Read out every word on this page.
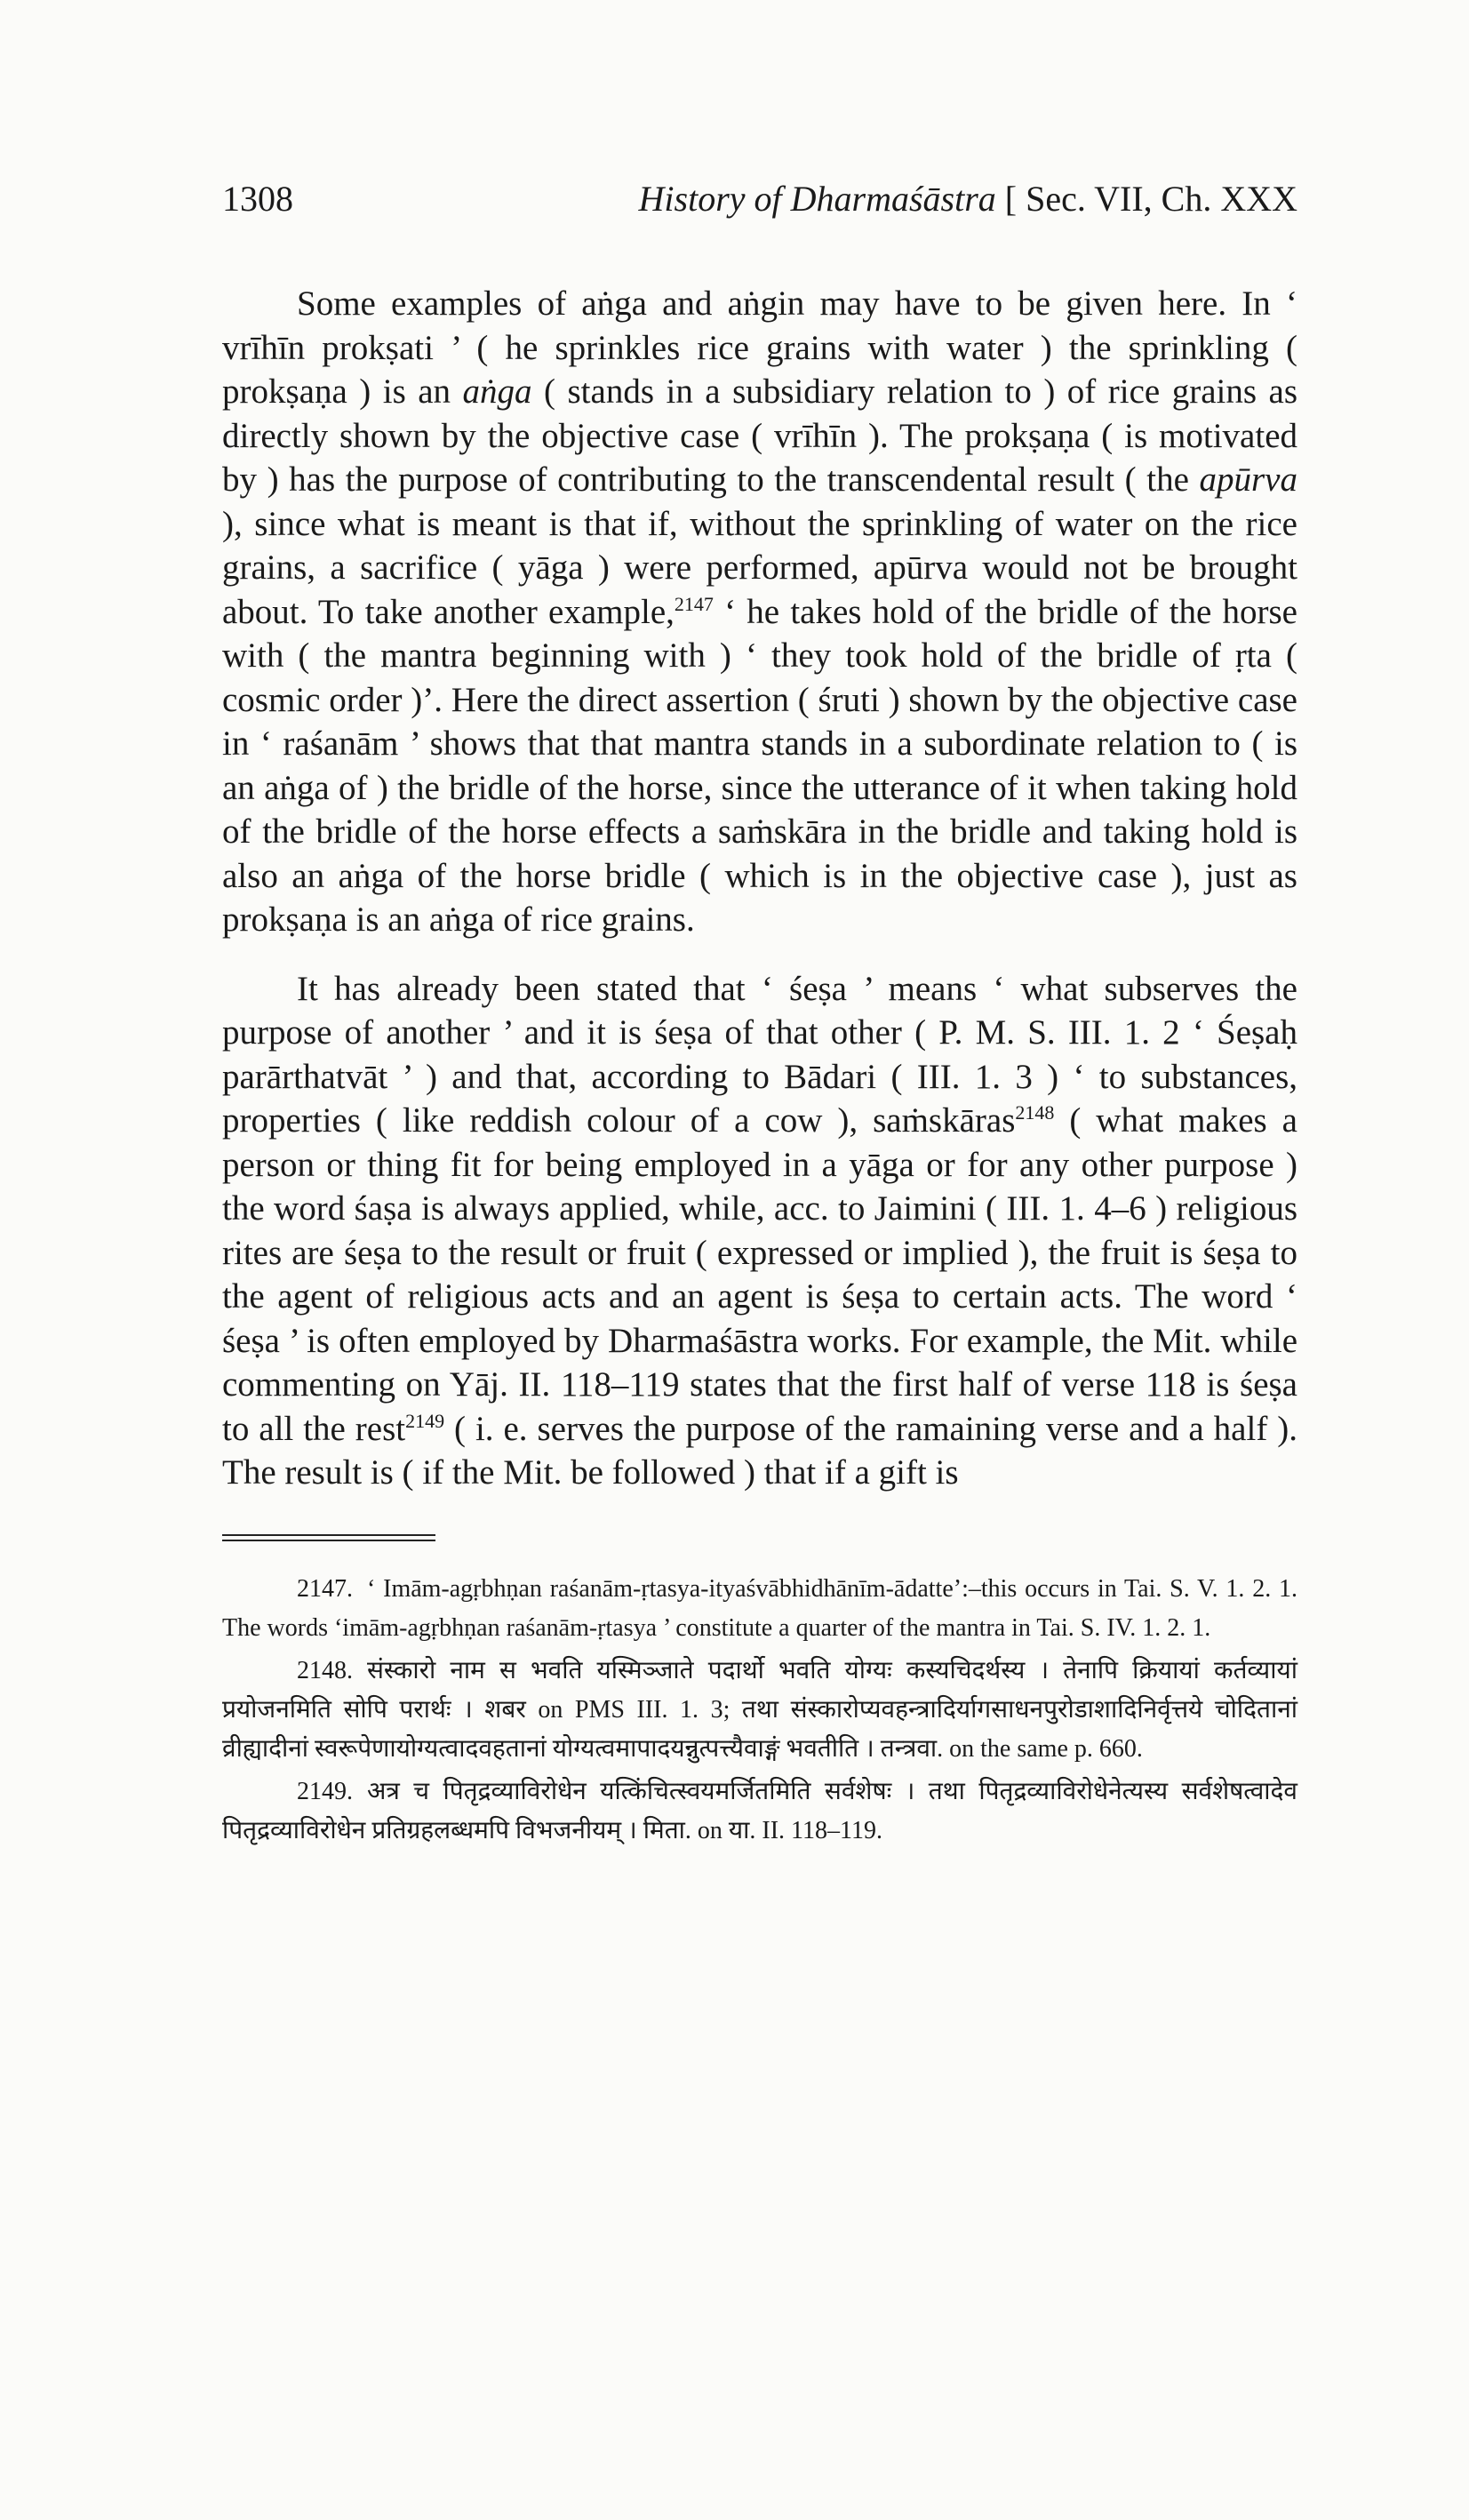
1308	History of Dharmaśāstra [ Sec. VII, Ch. XXX

Some examples of aṅga and aṅgin may have to be given here. In ‘ vrīhīn prokṣati ’ ( he sprinkles rice grains with water ) the sprinkling ( prokṣaṇa ) is an aṅga ( stands in a subsidiary relation to ) of rice grains as directly shown by the objective case ( vrīhīn ). The prokṣaṇa ( is motivated by ) has the purpose of contributing to the transcendental result ( the apūrva ), since what is meant is that if, without the sprinkling of water on the rice grains, a sacrifice ( yāga ) were performed, apūrva would not be brought about. To take another example,$^{2147}$ ‘ he takes hold of the bridle of the horse with ( the mantra beginning with ) ‘ they took hold of the bridle of ṛta ( cosmic order )’. Here the direct assertion ( śruti ) shown by the objective case in ‘ raśanām ’ shows that that mantra stands in a subordinate relation to ( is an aṅga of ) the bridle of the horse, since the utterance of it when taking hold of the bridle of the horse effects a saṁskāra in the bridle and taking hold is also an aṅga of the horse bridle ( which is in the objective case ), just as prokṣaṇa is an aṅga of rice grains.

It has already been stated that ‘ śeṣa ’ means ‘ what subserves the purpose of another ’ and it is śeṣa of that other ( P. M. S. III. 1. 2 ‘ Śeṣaḥ parārthatvāt ’ ) and that, according to Bādari ( III. 1. 3 ) ‘ to substances, properties ( like reddish colour of a cow ), saṁskāras$^{2148}$ ( what makes a person or thing fit for being employed in a yāga or for any other purpose ) the word śaṣa is always applied, while, acc. to Jaimini ( III. 1. 4–6 ) religious rites are śeṣa to the result or fruit ( expressed or implied ), the fruit is śeṣa to the agent of religious acts and an agent is śeṣa to certain acts. The word ‘ śeṣa ’ is often employed by Dharmaśāstra works. For example, the Mit. while commenting on Yāj. II. 118–119 states that the first half of verse 118 is śeṣa to all the rest$^{2149}$ ( i. e. serves the purpose of the ramaining verse and a half ). The result is ( if the Mit. be followed ) that if a gift is

2147. ‘ Imām-agṛbhṇan raśanām-ṛtasya-ityaśvābhidhānīm-ādatte’:–this occurs in Tai. S. V. 1. 2. 1. The words ‘imām-agṛbhṇan raśanām-ṛtasya ’ constitute a quarter of the mantra in Tai. S. IV. 1. 2. 1.

2148. संस्कारो नाम स भवति यस्मिञ्जाते पदार्थो भवति योग्यः कस्यचिदर्थस्य । तेनापि क्रियायां कर्तव्यायां प्रयोजनमिति सोपि परार्थः । शबर on PMS III. 1. 3; तथा संस्कारोप्यवहन्त्रादिर्यागसाधनपुरोडाशादिनिर्वृत्तये चोदितानां व्रीह्यादीनां स्वरूपेणायोग्यत्वादवहतानां योग्यत्वमापादयन्नुत्पत्त्यैवाङ्गं भवतीति । तन्त्रवा. on the same p. 660.

2149. अत्र च पितृद्रव्याविरोधेन यत्किंचित्स्वयमर्जितमिति सर्वशेषः । तथा पितृद्रव्याविरोधेनेत्यस्य सर्वशेषत्वादेव पितृद्रव्याविरोधेन प्रतिग्रहलब्धमपि विभजनीयम् । मिता. on या. II. 118–119.
